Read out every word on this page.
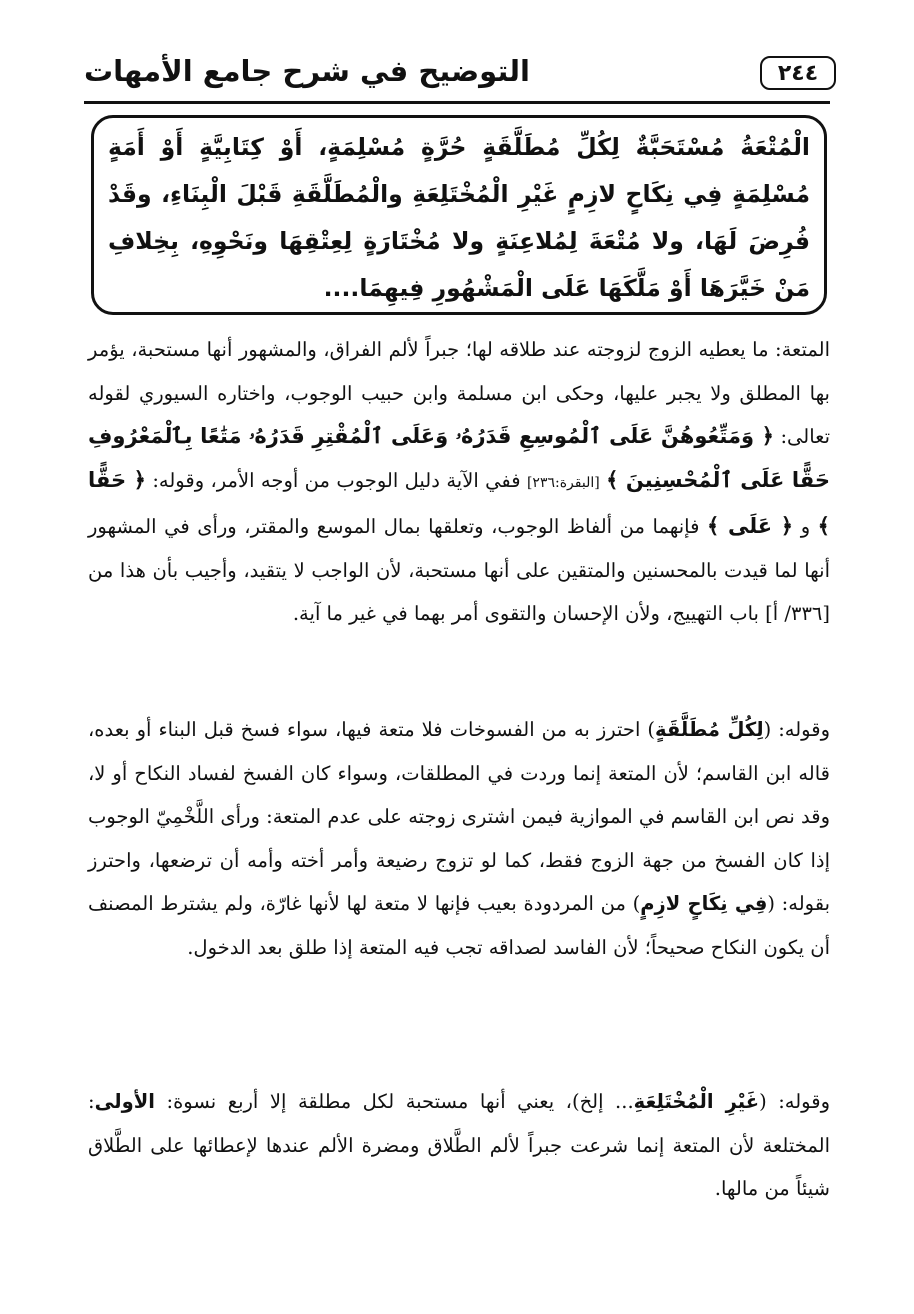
التوضيح في شرح جامع الأمهات	٢٤٤

الْمُتْعَةُ مُسْتَحَبَّةٌ لِكُلِّ مُطَلَّقَةٍ حُرَّةٍ مُسْلِمَةٍ، أَوْ كِتَابِيَّةٍ أَوْ أَمَةٍ مُسْلِمَةٍ فِي نِكَاحٍ لازِمٍ غَيْرِ الْمُخْتَلِعَةِ والْمُطَلَّقَةِ قَبْلَ الْبِنَاءِ، وقَدْ فُرِضَ لَهَا، ولا مُتْعَةَ لِمُلاعِنَةٍ ولا مُخْتَارَةٍ لِعِتْقِهَا ونَحْوِهِ، بِخِلافِ مَنْ خَيَّرَهَا أَوْ مَلَّكَهَا عَلَى الْمَشْهُورِ فِيهِمَا....

المتعة: ما يعطيه الزوج لزوجته عند طلاقه لها؛ جبراً لألم الفراق، والمشهور أنها مستحبة، يؤمر بها المطلق ولا يجبر عليها، وحكى ابن مسلمة وابن حبيب الوجوب، واختاره السيوري لقوله تعالى: ﴿ وَمَتِّعُوهُنَّ عَلَى ٱلْمُوسِعِ قَدَرُهُۥ وَعَلَى ٱلْمُقْتِرِ قَدَرُهُۥ مَتَٰعًا بِٱلْمَعْرُوفِ حَقًّا عَلَى ٱلْمُحْسِنِينَ ﴾ [البقرة:٢٣٦] ففي الآية دليل الوجوب من أوجه الأمر، وقوله: ﴿ حَقًّا ﴾ و ﴿ عَلَى ﴾ فإنهما من ألفاظ الوجوب، وتعلقها بمال الموسع والمقتر، ورأى في المشهور أنها لما قيدت بالمحسنين والمتقين على أنها مستحبة، لأن الواجب لا يتقيد، وأجيب بأن هذا من [٣٣٦/ أ] باب التهييج، ولأن الإحسان والتقوى أمر بهما في غير ما آية.

وقوله: (لِكُلِّ مُطَلَّقَةٍ) احترز به من الفسوخات فلا متعة فيها، سواء فسخ قبل البناء أو بعده، قاله ابن القاسم؛ لأن المتعة إنما وردت في المطلقات، وسواء كان الفسخ لفساد النكاح أو لا، وقد نص ابن القاسم في الموازية فيمن اشترى زوجته على عدم المتعة: ورأى اللَّخْمِيّ الوجوب إذا كان الفسخ من جهة الزوج فقط، كما لو تزوج رضيعة وأمر أخته وأمه أن ترضعها، واحترز بقوله: (فِي نِكَاحٍ لازِمٍ) من المردودة بعيب فإنها لا متعة لها لأنها غارّة، ولم يشترط المصنف أن يكون النكاح صحيحاً؛ لأن الفاسد لصداقه تجب فيه المتعة إذا طلق بعد الدخول.

وقوله: (غَيْرِ الْمُخْتَلِعَةِ... إلخ)، يعني أنها مستحبة لكل مطلقة إلا أربع نسوة: الأولى: المختلعة لأن المتعة إنما شرعت جبراً لألم الطَّلاق ومضرة الألم عندها لإعطائها على الطَّلاق شيئاً من مالها.
